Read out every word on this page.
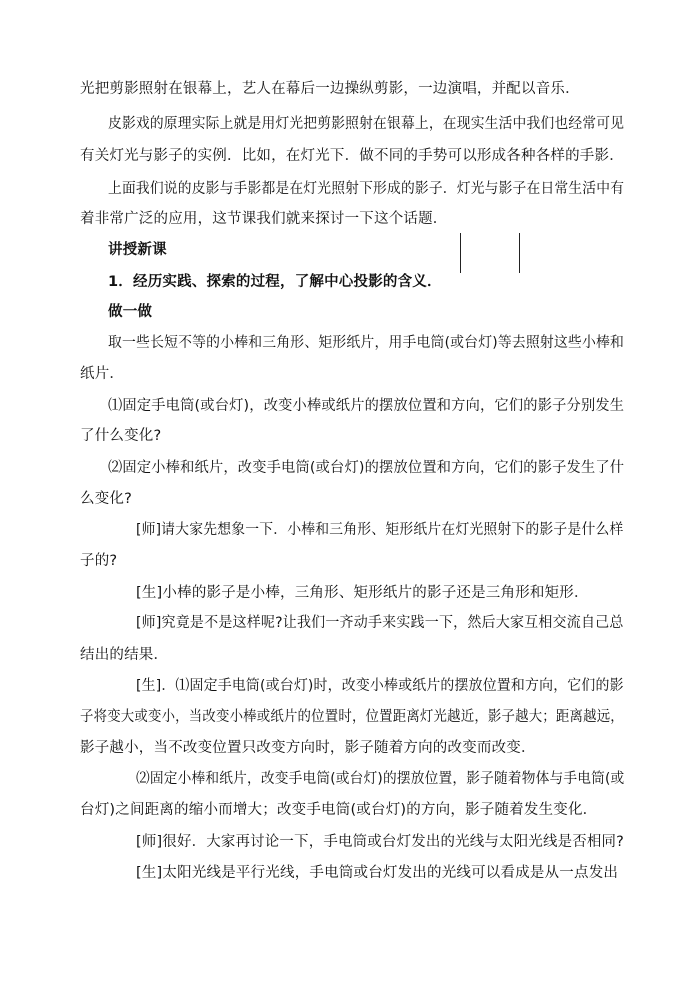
光把剪影照射在银幕上，艺人在幕后一边操纵剪影，一边演唱，并配以音乐．
皮影戏的原理实际上就是用灯光把剪影照射在银幕上，在现实生活中我们也经常可见
有关灯光与影子的实例．比如，在灯光下．做不同的手势可以形成各种各样的手影．
上面我们说的皮影与手影都是在灯光照射下形成的影子．灯光与影子在日常生活中有
着非常广泛的应用，这节课我们就来探讨一下这个话题．
讲授新课
1．经历实践、探索的过程，了解中心投影的含义．
做一做
取一些长短不等的小棒和三角形、矩形纸片，用手电筒(或台灯)等去照射这些小棒和
纸片．
⑴固定手电筒(或台灯)，改变小棒或纸片的摆放位置和方向，它们的影子分别发生
了什么变化?
⑵固定小棒和纸片，改变手电筒(或台灯)的摆放位置和方向，它们的影子发生了什
么变化?
[师]请大家先想象一下．小棒和三角形、矩形纸片在灯光照射下的影子是什么样
子的?
[生]小棒的影子是小棒，三角形、矩形纸片的影子还是三角形和矩形．
[师]究竟是不是这样呢?让我们一齐动手来实践一下，然后大家互相交流自己总
结出的结果．
[生]．⑴固定手电筒(或台灯)时，改变小棒或纸片的摆放位置和方向，它们的影
子将变大或变小，当改变小棒或纸片的位置时，位置距离灯光越近，影子越大；距离越远，
影子越小，当不改变位置只改变方向时，影子随着方向的改变而改变．
⑵固定小棒和纸片，改变手电筒(或台灯)的摆放位置，影子随着物体与手电筒(或
台灯)之间距离的缩小而增大；改变手电筒(或台灯)的方向，影子随着发生变化．
[师]很好．大家再讨论一下，手电筒或台灯发出的光线与太阳光线是否相同?
[生]太阳光线是平行光线，手电筒或台灯发出的光线可以看成是从一点发出
